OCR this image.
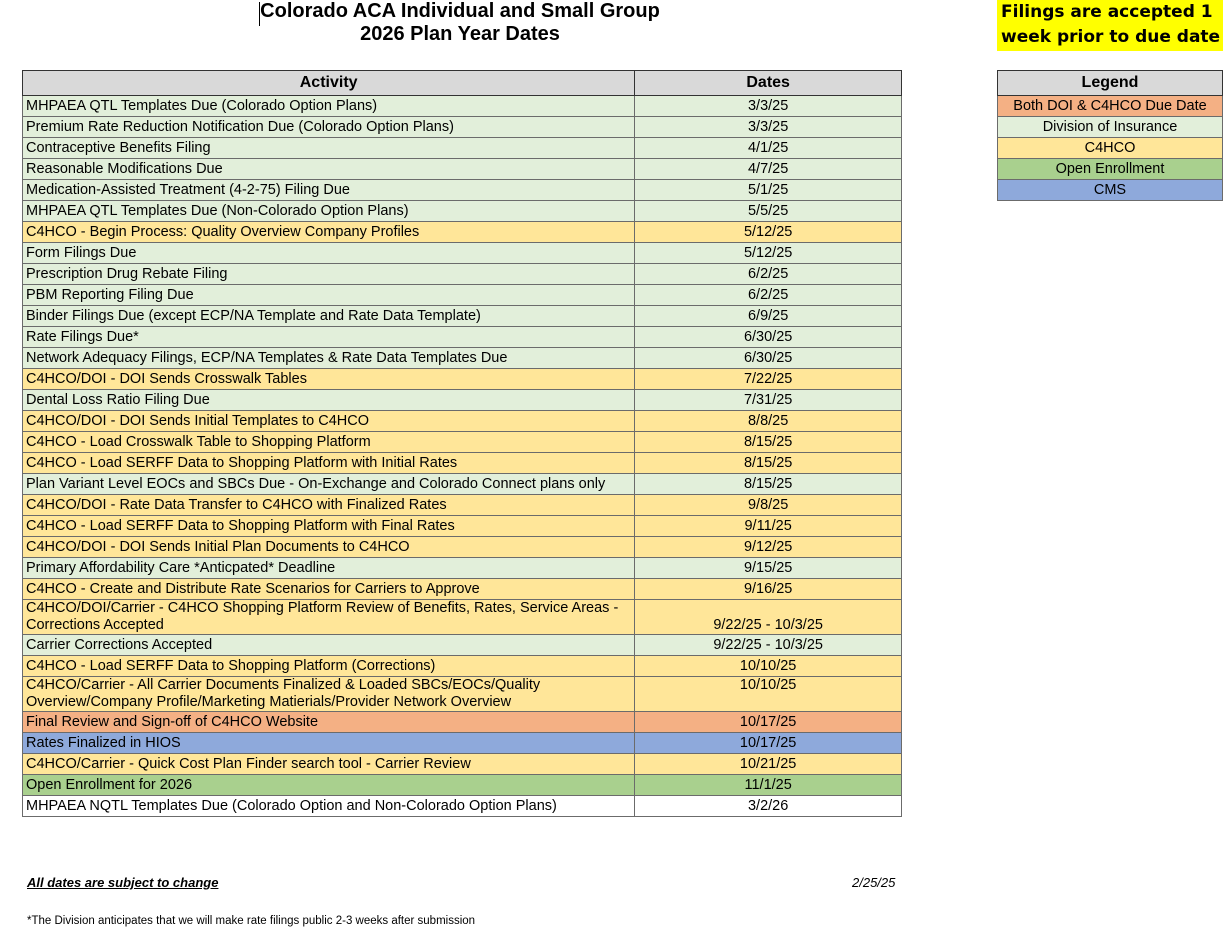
Colorado ACA Individual and Small Group
2026 Plan Year Dates
Filings are accepted 1 week prior to due date
Activity	Dates
MHPAEA QTL Templates Due (Colorado Option Plans)	3/3/25
Premium Rate Reduction Notification Due (Colorado Option Plans)	3/3/25
Contraceptive Benefits Filing	4/1/25
Reasonable Modifications Due	4/7/25
Medication-Assisted Treatment (4-2-75) Filing Due	5/1/25
MHPAEA QTL Templates Due (Non-Colorado Option Plans)	5/5/25
C4HCO - Begin Process: Quality Overview Company Profiles	5/12/25
Form Filings Due	5/12/25
Prescription Drug Rebate Filing	6/2/25
PBM Reporting Filing Due	6/2/25
Binder Filings Due (except ECP/NA Template and Rate Data Template)	6/9/25
Rate Filings Due*	6/30/25
Network Adequacy Filings, ECP/NA Templates & Rate Data Templates Due	6/30/25
C4HCO/DOI - DOI Sends Crosswalk Tables	7/22/25
Dental Loss Ratio Filing Due	7/31/25
C4HCO/DOI - DOI Sends Initial Templates to C4HCO	8/8/25
C4HCO - Load Crosswalk Table to Shopping Platform	8/15/25
C4HCO - Load SERFF Data to Shopping Platform with Initial Rates	8/15/25
Plan Variant Level EOCs and SBCs Due - On-Exchange and Colorado Connect plans only	8/15/25
C4HCO/DOI - Rate Data Transfer to C4HCO with Finalized Rates	9/8/25
C4HCO - Load SERFF Data to Shopping Platform with Final Rates	9/11/25
C4HCO/DOI - DOI Sends Initial Plan Documents to C4HCO	9/12/25
Primary Affordability Care *Anticpated* Deadline	9/15/25
C4HCO - Create and Distribute Rate Scenarios for Carriers to Approve	9/16/25
C4HCO/DOI/Carrier - C4HCO Shopping Platform Review of Benefits, Rates, Service Areas - Corrections Accepted	9/22/25 - 10/3/25
Carrier Corrections Accepted	9/22/25 - 10/3/25
C4HCO - Load SERFF Data to Shopping Platform (Corrections)	10/10/25
C4HCO/Carrier - All Carrier Documents Finalized & Loaded SBCs/EOCs/Quality Overview/Company Profile/Marketing Matierials/Provider Network Overview	10/10/25
Final Review and Sign-off of C4HCO Website	10/17/25
Rates Finalized in HIOS	10/17/25
C4HCO/Carrier - Quick Cost Plan Finder search tool - Carrier Review	10/21/25
Open Enrollment for 2026	11/1/25
MHPAEA NQTL Templates Due (Colorado Option and Non-Colorado Option Plans)	3/2/26
Legend
Both DOI & C4HCO Due Date
Division of Insurance
C4HCO
Open Enrollment
CMS
All dates are subject to change	2/25/25
*The Division anticipates that we will make rate filings public 2-3 weeks after submission
